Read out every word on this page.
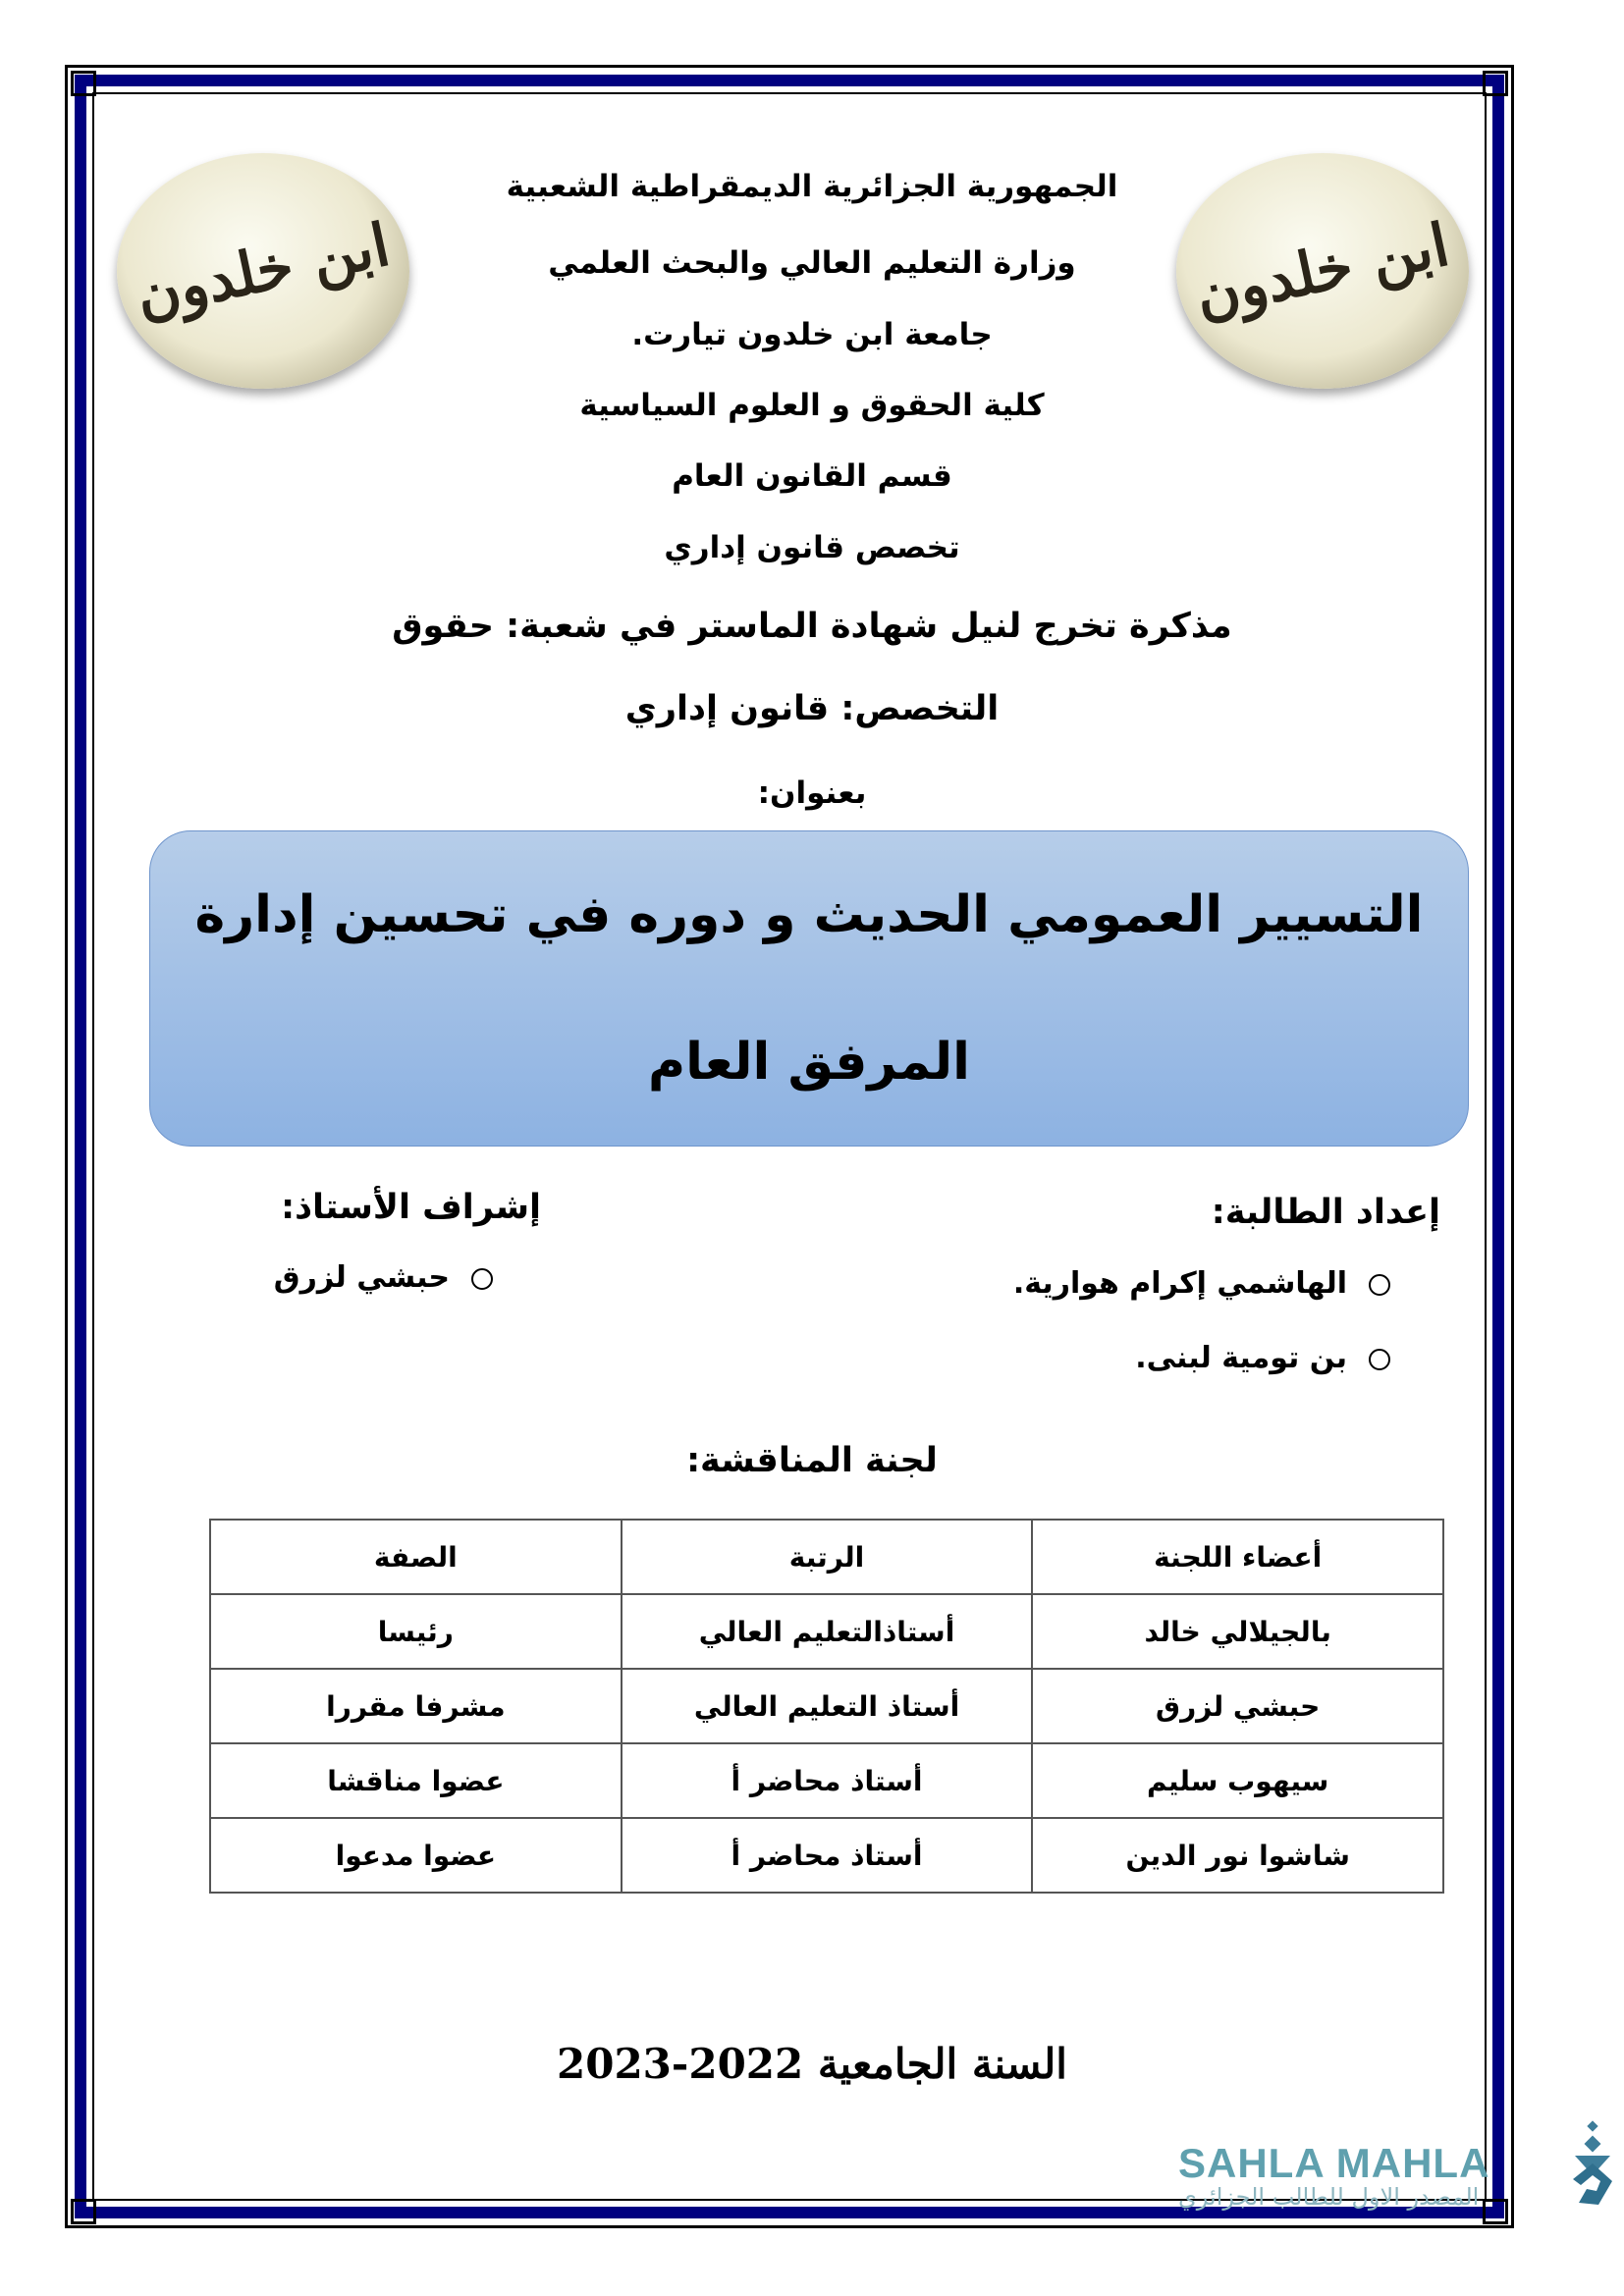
ابن خلدون	ابن خلدون
الجمهورية الجزائرية الديمقراطية الشعبية
وزارة التعليم العالي والبحث العلمي
جامعة ابن خلدون تيارت.
كلية الحقوق و العلوم السياسية
قسم القانون العام
تخصص قانون إداري
مذكرة تخرج لنيل شهادة الماستر في شعبة: حقوق
التخصص: قانون إداري
بعنوان:
التسيير العمومي الحديث و دوره في تحسين إدارة
المرفق العام
إعداد الطالبة:
الهاشمي إكرام هوارية.
بن تومية لبنى.
إشراف الأستاذ:
حبشي لزرق
لجنة المناقشة:
أعضاء اللجنة	الرتبة	الصفة
بالجيلالي خالد	أستاذالتعليم العالي	رئيسا
حبشي لزرق	أستاذ التعليم العالي	مشرفا مقررا
سيهوب سليم	أستاذ محاضر أ	عضوا مناقشا
شاشوا نور الدين	أستاذ محاضر أ	عضوا مدعوا
السنة الجامعية 2022-2023
SAHLA MAHLA
المصدر الاول للطالب الجزائري
